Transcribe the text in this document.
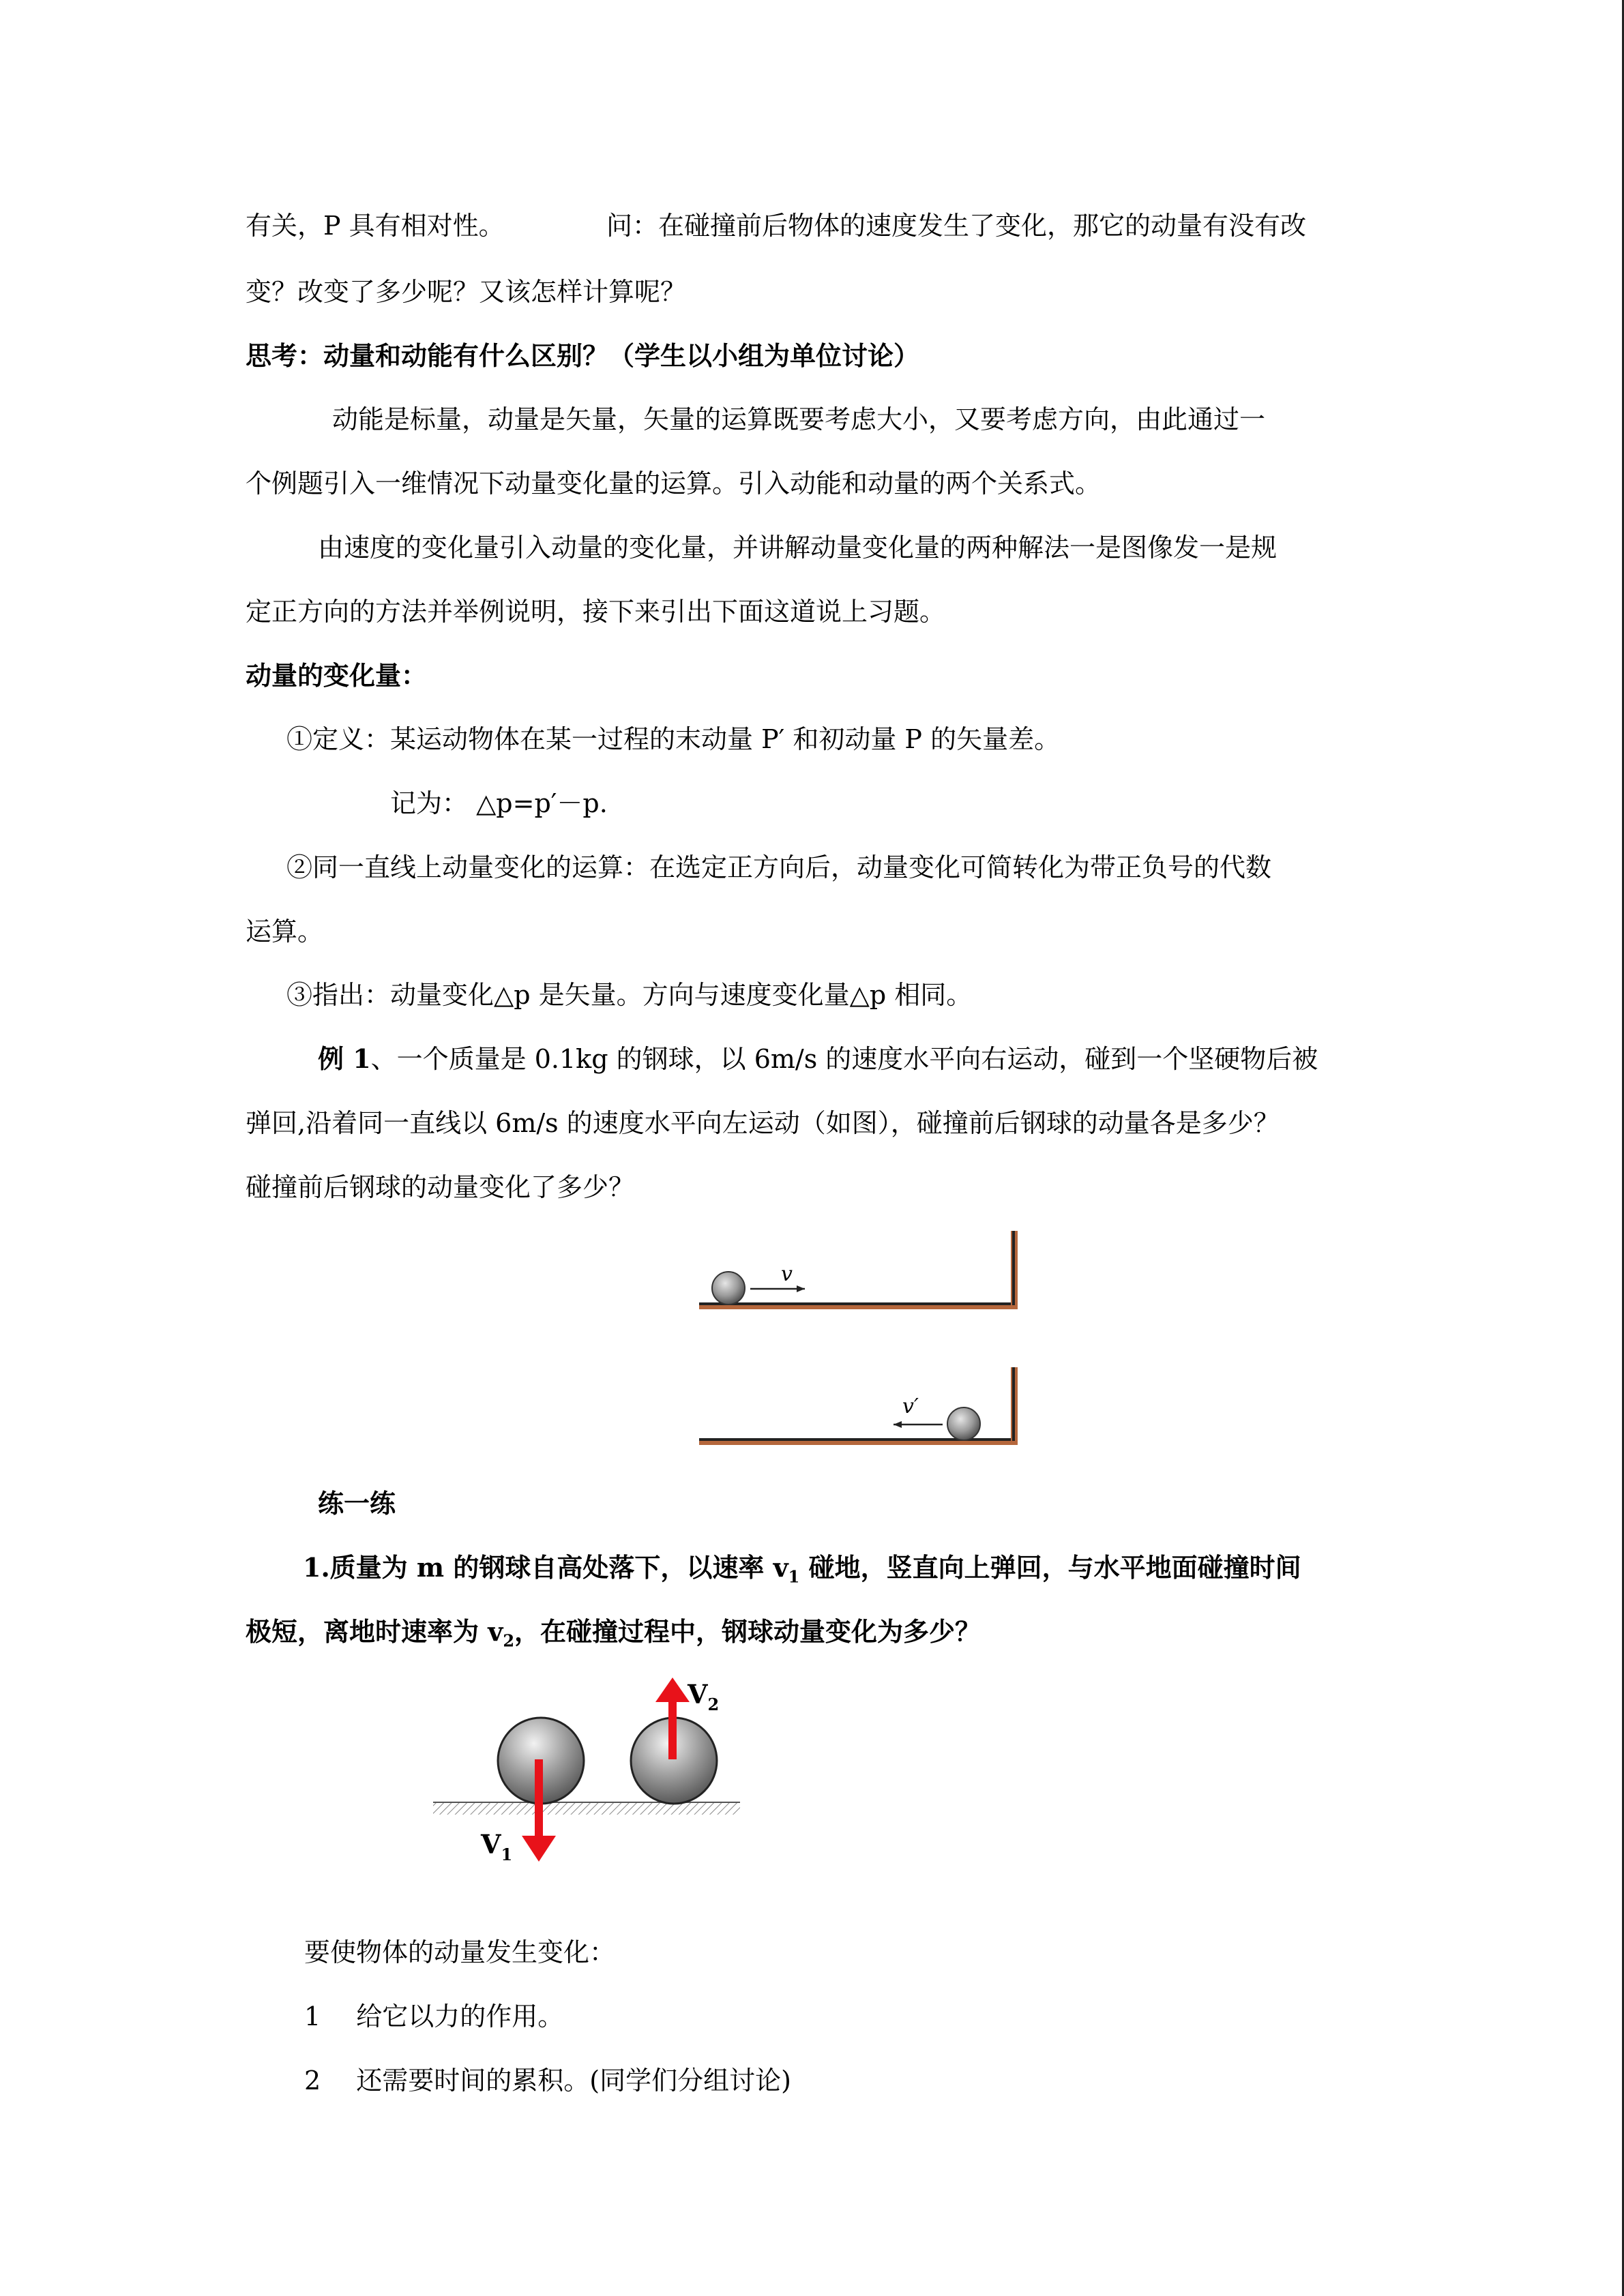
有关，P 具有相对性。	问：在碰撞前后物体的速度发生了变化，那它的动量有没有改
变？改变了多少呢？又该怎样计算呢？
思考：动量和动能有什么区别？（学生以小组为单位讨论）
动能是标量，动量是矢量，矢量的运算既要考虑大小，又要考虑方向，由此通过一
个例题引入一维情况下动量变化量的运算。引入动能和动量的两个关系式。
由速度的变化量引入动量的变化量，并讲解动量变化量的两种解法一是图像发一是规
定正方向的方法并举例说明，接下来引出下面这道说上习题。
动量的变化量：
①定义：某运动物体在某一过程的末动量 P′ 和初动量 P 的矢量差。
记为： △p=p′－p.
②同一直线上动量变化的运算：在选定正方向后，动量变化可简转化为带正负号的代数
运算。
③指出：动量变化△p 是矢量。方向与速度变化量△p 相同。
例 1、一个质量是 0.1kg 的钢球，以 6m/s 的速度水平向右运动，碰到一个坚硬物后被
弹回,沿着同一直线以 6m/s 的速度水平向左运动（如图），碰撞前后钢球的动量各是多少？
碰撞前后钢球的动量变化了多少？
v
v′
练一练
1.质量为 m 的钢球自高处落下，以速率 $v_1$ 碰地，竖直向上弹回，与水平地面碰撞时间
极短，离地时速率为 $v_2$，在碰撞过程中，钢球动量变化为多少？
$V_2$
$V_1$
要使物体的动量发生变化：
1 给它以力的作用。
2 还需要时间的累积。(同学们分组讨论)
